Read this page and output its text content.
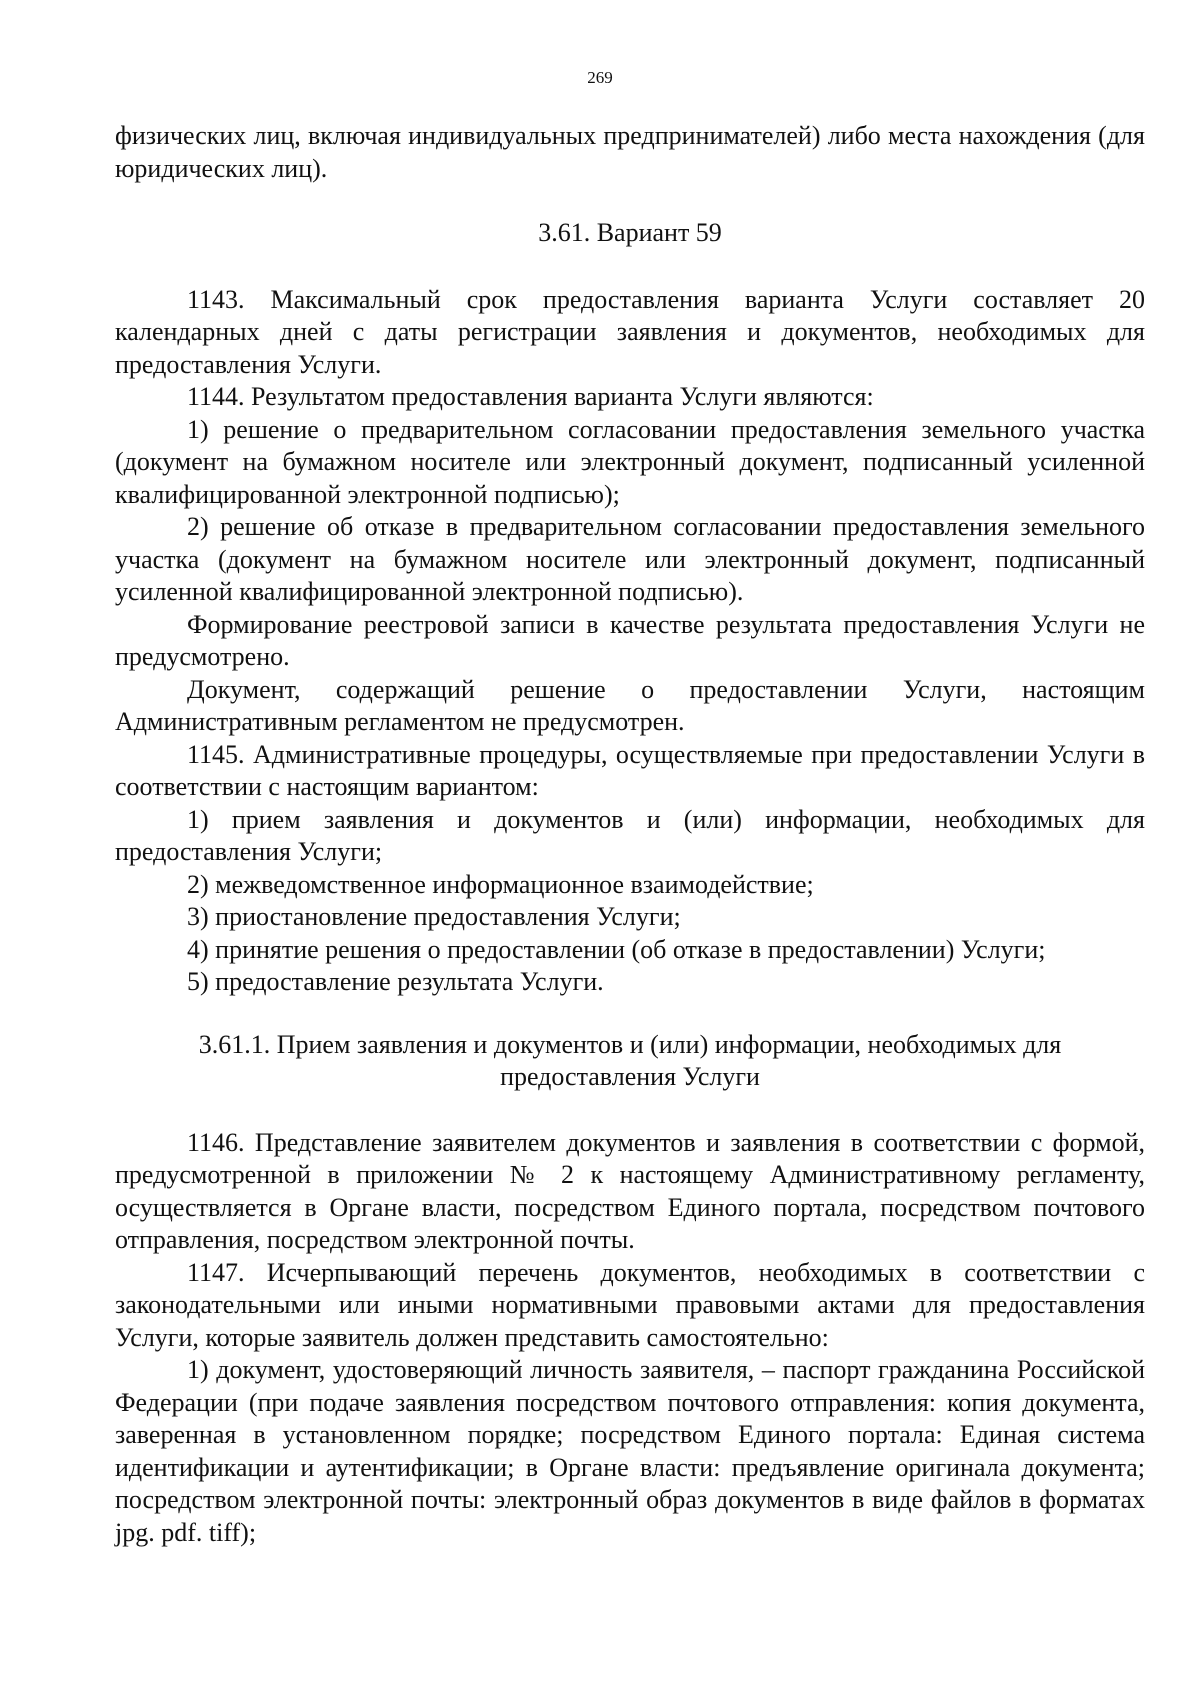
269

физических лиц, включая индивидуальных предпринимателей) либо места нахождения (для юридических лиц).

3.61. Вариант 59

1143. Максимальный срок предоставления варианта Услуги составляет 20 календарных дней с даты регистрации заявления и документов, необходимых для предоставления Услуги.

1144. Результатом предоставления варианта Услуги являются:

1) решение о предварительном согласовании предоставления земельного участка (документ на бумажном носителе или электронный документ, подписанный усиленной квалифицированной электронной подписью);

2) решение об отказе в предварительном согласовании предоставления земельного участка (документ на бумажном носителе или электронный документ, подписанный усиленной квалифицированной электронной подписью).

Формирование реестровой записи в качестве результата предоставления Услуги не предусмотрено.

Документ, содержащий решение о предоставлении Услуги, настоящим Административным регламентом не предусмотрен.

1145. Административные процедуры, осуществляемые при предоставлении Услуги в соответствии с настоящим вариантом:

1) прием заявления и документов и (или) информации, необходимых для предоставления Услуги;

2) межведомственное информационное взаимодействие;

3) приостановление предоставления Услуги;

4) принятие решения о предоставлении (об отказе в предоставлении) Услуги;

5) предоставление результата Услуги.

3.61.1. Прием заявления и документов и (или) информации, необходимых для
предоставления Услуги

1146. Представление заявителем документов и заявления в соответствии с формой, предусмотренной в приложении № 2 к настоящему Административному регламенту, осуществляется в Органе власти, посредством Единого портала, посредством почтового отправления, посредством электронной почты.

1147. Исчерпывающий перечень документов, необходимых в соответствии с законодательными или иными нормативными правовыми актами для предоставления Услуги, которые заявитель должен представить самостоятельно:

1) документ, удостоверяющий личность заявителя, – паспорт гражданина Российской Федерации (при подаче заявления посредством почтового отправления: копия документа, заверенная в установленном порядке; посредством Единого портала: Единая система идентификации и аутентификации; в Органе власти: предъявление оригинала документа; посредством электронной почты: электронный образ документов в виде файлов в форматах jpg. pdf. tiff);
